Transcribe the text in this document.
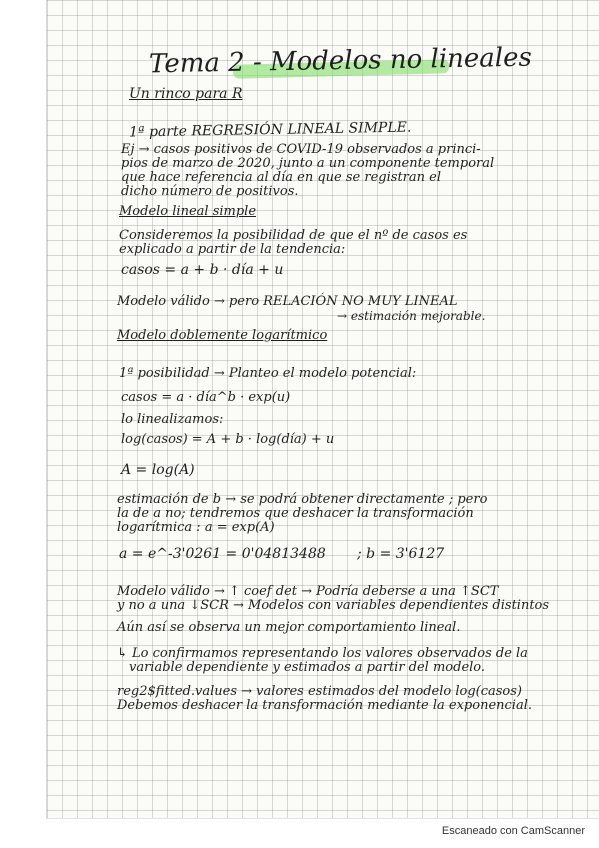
Tema 2 - Modelos no lineales
Un rinco para R
1ª parte REGRESIÓN LINEAL SIMPLE.
Ej → casos positivos de COVID-19 observados a princi-
pios de marzo de 2020, junto a un componente temporal
que hace referencia al día en que se registran el
dicho número de positivos.
Modelo lineal simple
Consideremos la posibilidad de que el nº de casos es
explicado a partir de la tendencia:
casos = a + b · día + u
Modelo válido → pero RELACIÓN NO MUY LINEAL
→ estimación mejorable.
Modelo doblemente logarítmico
1ª posibilidad → Planteo el modelo potencial:
casos = a · día^b · exp(u)
lo linealizamos:
log(casos) = A + b · log(día) + u
A = log(A)
estimación de b → se podrá obtener directamente ; pero
la de a no; tendremos que deshacer la transformación
logarítmica : a = exp(A)
a = e^-3'0261 = 0'04813488 ; b = 3'6127
Modelo válido → ↑ coef det → Podría deberse a una ↑SCT
y no a una ↓SCR → Modelos con variables dependientes distintos
Aún así se observa un mejor comportamiento lineal.
↳ Lo confirmamos representando los valores observados de la
variable dependiente y estimados a partir del modelo.
reg2$fitted.values → valores estimados del modelo log(casos)
Debemos deshacer la transformación mediante la exponencial.
Escaneado con CamScanner
